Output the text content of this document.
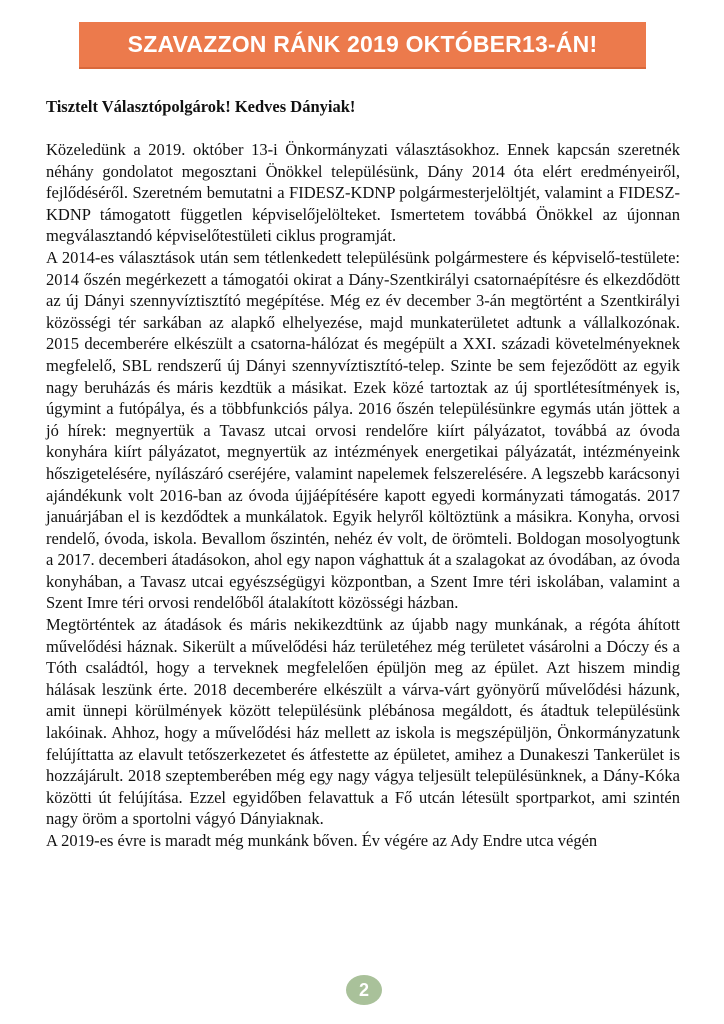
SZAVAZZON RÁNK 2019 OKTÓBER13-ÁN!

Tisztelt Választópolgárok! Kedves Dányiak!

Közeledünk a 2019. október 13-i Önkormányzati választásokhoz. Ennek kapcsán szeretnék néhány gondolatot megosztani Önökkel településünk, Dány 2014 óta elért eredményeiről, fejlődéséről. Szeretném bemutatni a FIDESZ-KDNP polgármesterjelöltjét, valamint a FIDESZ-KDNP támogatott független képviselőjelölteket. Ismertetem továbbá Önökkel az újonnan megválasztandó képviselőtestületi ciklus programját.

A 2014-es választások után sem tétlenkedett településünk polgármestere és képviselő-testülete: 2014 őszén megérkezett a támogatói okirat a Dány-Szentkirályi csatornaépítésre és elkezdődött az új Dányi szennyvíztisztító megépítése. Még ez év december 3-án megtörtént a Szentkirályi közösségi tér sarkában az alapkő elhelyezése, majd munkaterületet adtunk a vállalkozónak. 2015 decemberére elkészült a csatorna-hálózat és megépült a XXI. századi követelményeknek megfelelő, SBL rendszerű új Dányi szennyvíztisztító-telep. Szinte be sem fejeződött az egyik nagy beruházás és máris kezdtük a másikat. Ezek közé tartoztak az új sportlétesítmények is, úgymint a futópálya, és a többfunkciós pálya. 2016 őszén településünkre egymás után jöttek a jó hírek: megnyertük a Tavasz utcai orvosi rendelőre kiírt pályázatot, továbbá az óvoda konyhára kiírt pályázatot, megnyertük az intézmények energetikai pályázatát, intézményeink hőszigetelésére, nyílászáró cseréjére, valamint napelemek felszerelésére. A legszebb karácsonyi ajándékunk volt 2016-ban az óvoda újjáépítésére kapott egyedi kormányzati támogatás. 2017 januárjában el is kezdődtek a munkálatok. Egyik helyről költöztünk a másikra. Konyha, orvosi rendelő, óvoda, iskola. Bevallom őszintén, nehéz év volt, de örömteli. Boldogan mosolyogtunk a 2017. decemberi átadásokon, ahol egy napon vághattuk át a szalagokat az óvodában, az óvoda konyhában, a Tavasz utcai egyészségügyi központban, a Szent Imre téri iskolában, valamint a Szent Imre téri orvosi rendelőből átalakított közösségi házban.

Megtörténtek az átadások és máris nekikezdtünk az újabb nagy munkának, a régóta áhított művelődési háznak. Sikerült a művelődési ház területéhez még területet vásárolni a Dóczy és a Tóth családtól, hogy a terveknek megfelelően épüljön meg az épület. Azt hiszem mindig hálásak leszünk érte. 2018 decemberére elkészült a várva-várt gyönyörű művelődési házunk, amit ünnepi körülmények között településünk plébánosa megáldott, és átadtuk településünk lakóinak. Ahhoz, hogy a művelődési ház mellett az iskola is megszépüljön, Önkormányzatunk felújíttatta az elavult tetőszerkezetet és átfestette az épületet, amihez a Dunakeszi Tankerület is hozzájárult. 2018 szeptemberében még egy nagy vágya teljesült településünknek, a Dány-Kóka közötti út felújítása. Ezzel egyidőben felavattuk a Fő utcán létesült sportparkot, ami szintén nagy öröm a sportolni vágyó Dányiaknak.

A 2019-es évre is maradt még munkánk bőven. Év végére az Ady Endre utca végén

2
